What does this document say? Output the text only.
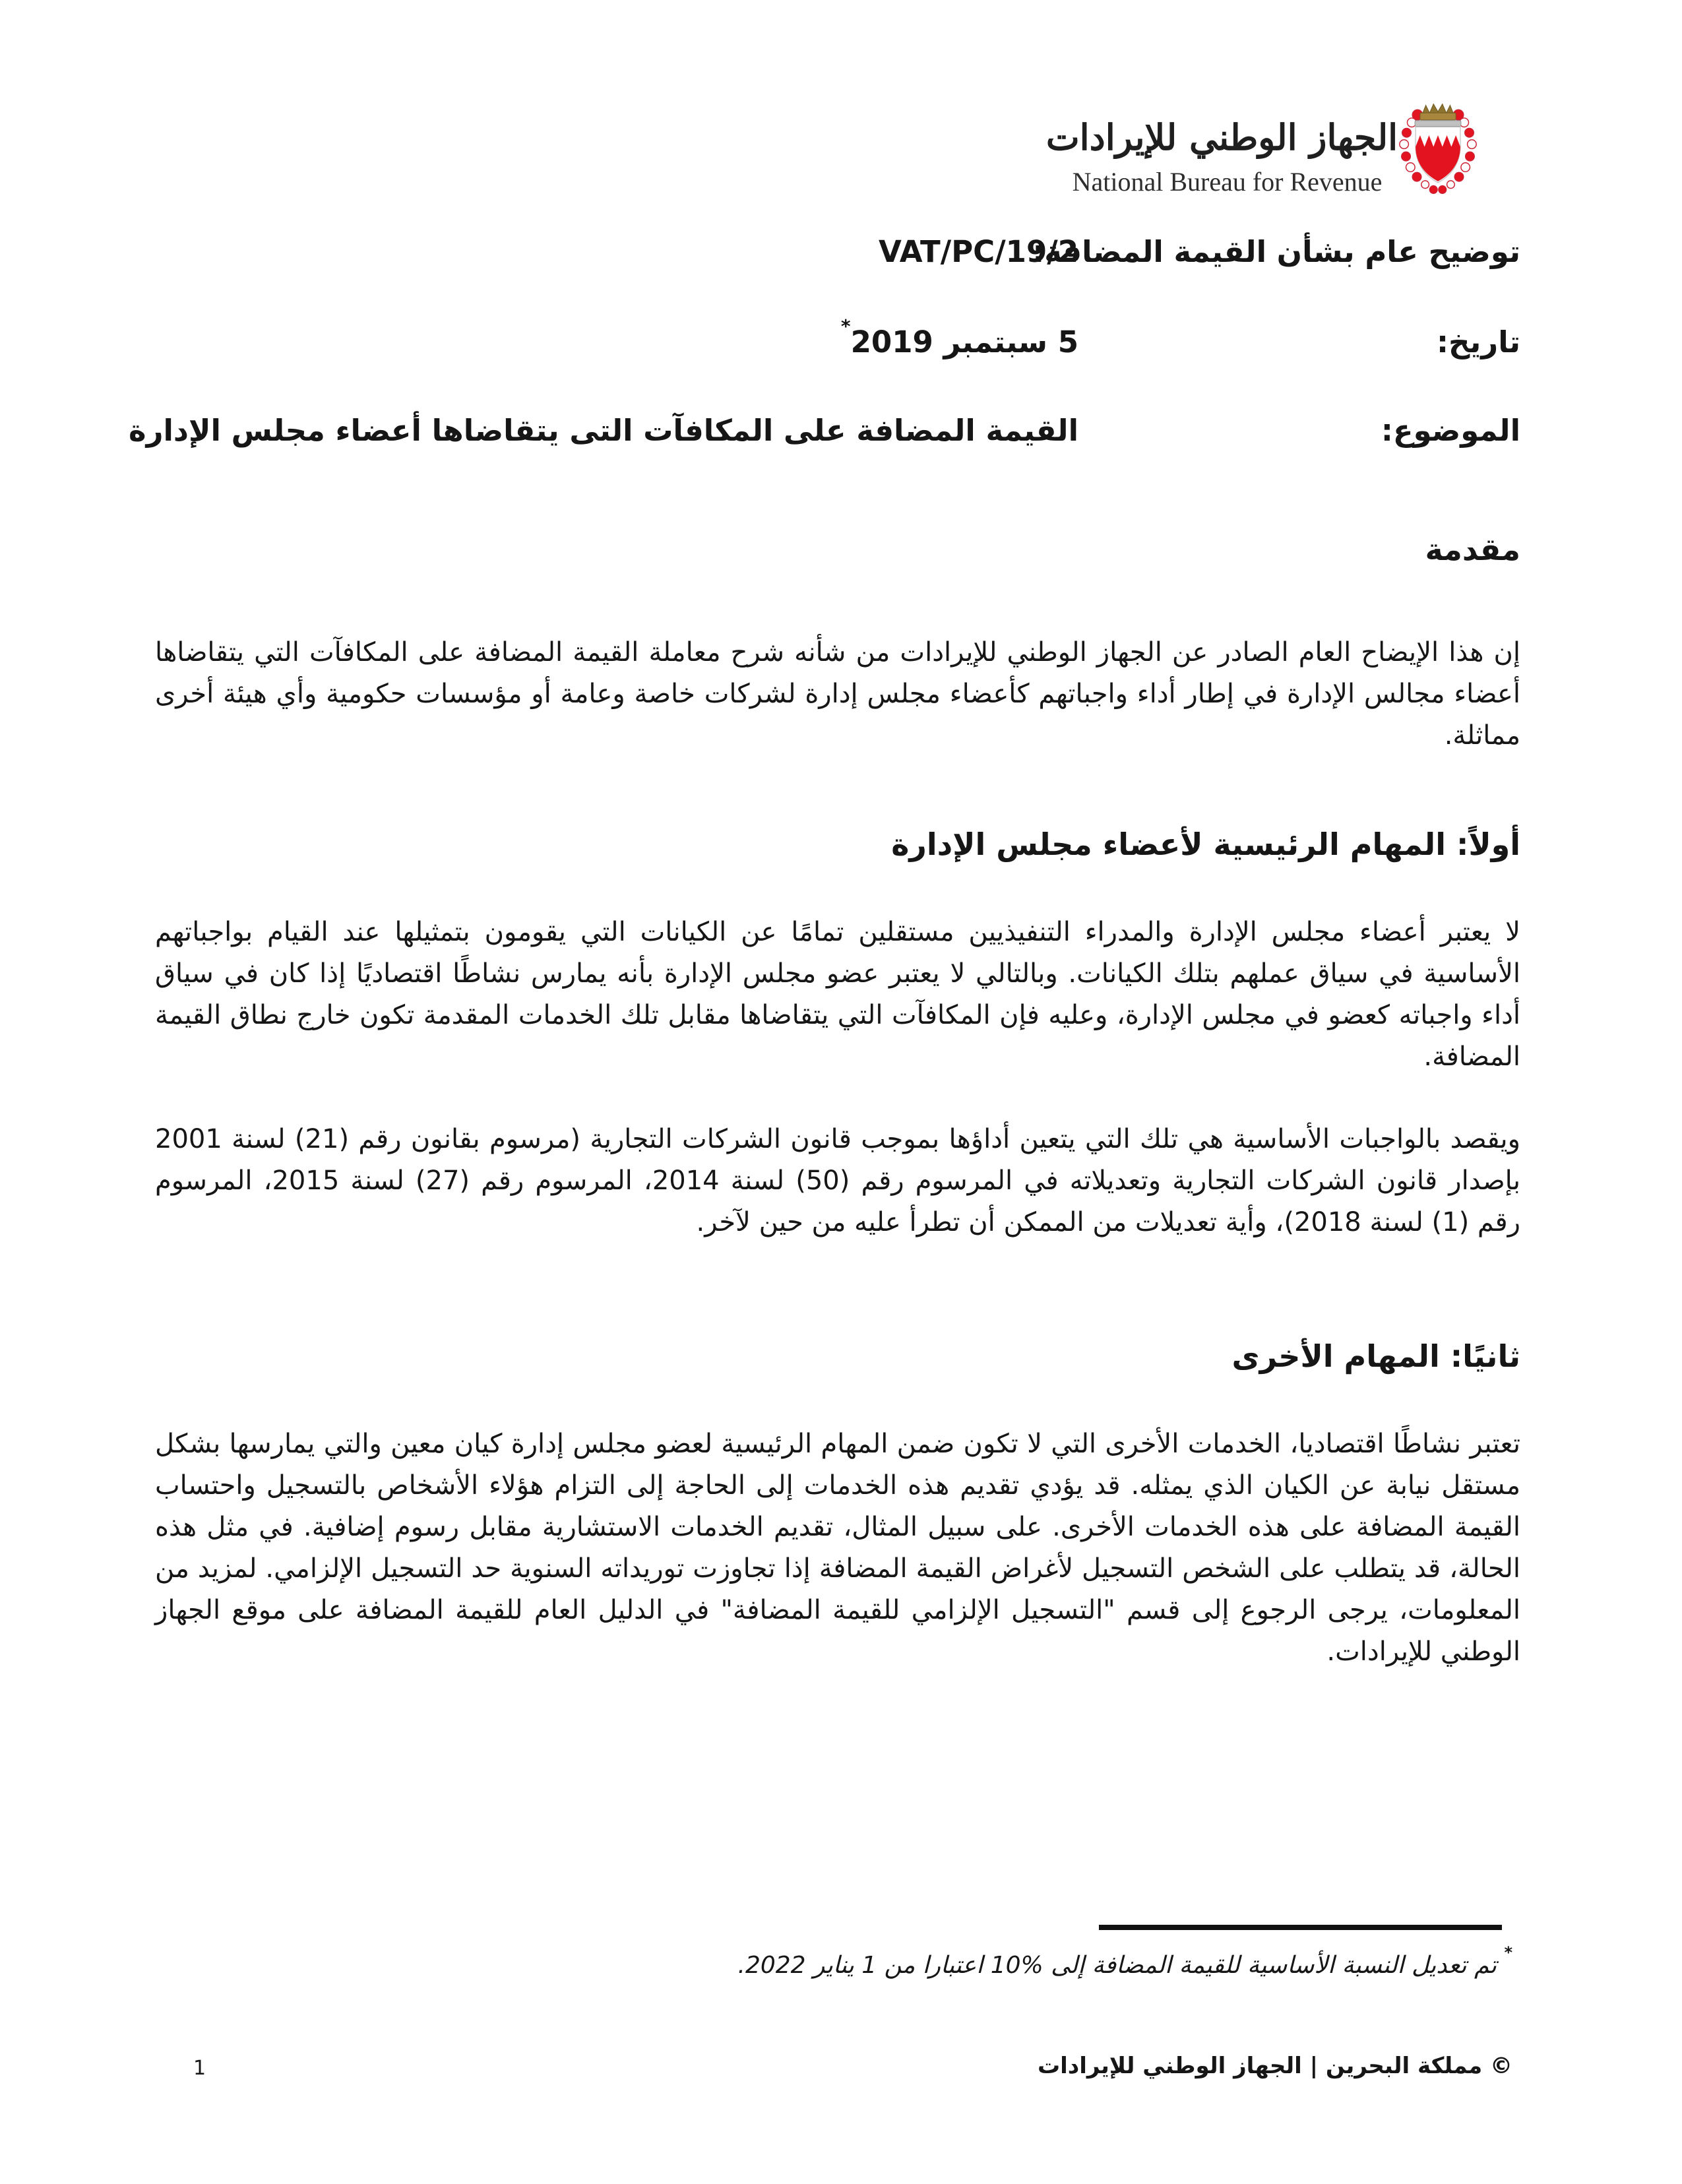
الجهاز الوطني للإيرادات
National Bureau for Revenue
توضيح عام بشأن القيمة المضافة:
VAT/PC/19/2
تاريخ:
5 سبتمبر 2019*
الموضوع:
القيمة المضافة على المكافآت التى يتقاضاها أعضاء مجلس الإدارة
مقدمة

إن هذا الإيضاح العام الصادر عن الجهاز الوطني للإيرادات من شأنه شرح معاملة القيمة المضافة على المكافآت التي يتقاضاها أعضاء مجالس الإدارة في إطار أداء واجباتهم كأعضاء مجلس إدارة لشركات خاصة وعامة أو مؤسسات حكومية وأي هيئة أخرى مماثلة.

أولاً: المهام الرئيسية لأعضاء مجلس الإدارة

لا يعتبر أعضاء مجلس الإدارة والمدراء التنفيذيين مستقلين تمامًا عن الكيانات التي يقومون بتمثيلها عند القيام بواجباتهم الأساسية في سياق عملهم بتلك الكيانات. وبالتالي لا يعتبر عضو مجلس الإدارة بأنه يمارس نشاطًا اقتصاديًا إذا كان في سياق أداء واجباته كعضو في مجلس الإدارة، وعليه فإن المكافآت التي يتقاضاها مقابل تلك الخدمات المقدمة تكون خارج نطاق القيمة المضافة.

ويقصد بالواجبات الأساسية هي تلك التي يتعين أداؤها بموجب قانون الشركات التجارية (مرسوم بقانون رقم (21) لسنة 2001 بإصدار قانون الشركات التجارية وتعديلاته في المرسوم رقم (50) لسنة 2014، المرسوم رقم (27) لسنة 2015، المرسوم رقم (1) لسنة 2018)، وأية تعديلات من الممكن أن تطرأ عليه من حين لآخر.

ثانيًا: المهام الأخرى

تعتبر نشاطًا اقتصاديا، الخدمات الأخرى التي لا تكون ضمن المهام الرئيسية لعضو مجلس إدارة كيان معين والتي يمارسها بشكل مستقل نيابة عن الكيان الذي يمثله. قد يؤدي تقديم هذه الخدمات إلى الحاجة إلى التزام هؤلاء الأشخاص بالتسجيل واحتساب القيمة المضافة على هذه الخدمات الأخرى. على سبيل المثال، تقديم الخدمات الاستشارية مقابل رسوم إضافية. في مثل هذه الحالة، قد يتطلب على الشخص التسجيل لأغراض القيمة المضافة إذا تجاوزت توريداته السنوية حد التسجيل الإلزامي. لمزيد من المعلومات، يرجى الرجوع إلى قسم "التسجيل الإلزامي للقيمة المضافة" في الدليل العام للقيمة المضافة على موقع الجهاز الوطني للإيرادات.

* تم تعديل النسبة الأساسية للقيمة المضافة إلى %10 اعتبارا من 1 يناير 2022.
© مملكة البحرين | الجهاز الوطني للإيرادات
1
